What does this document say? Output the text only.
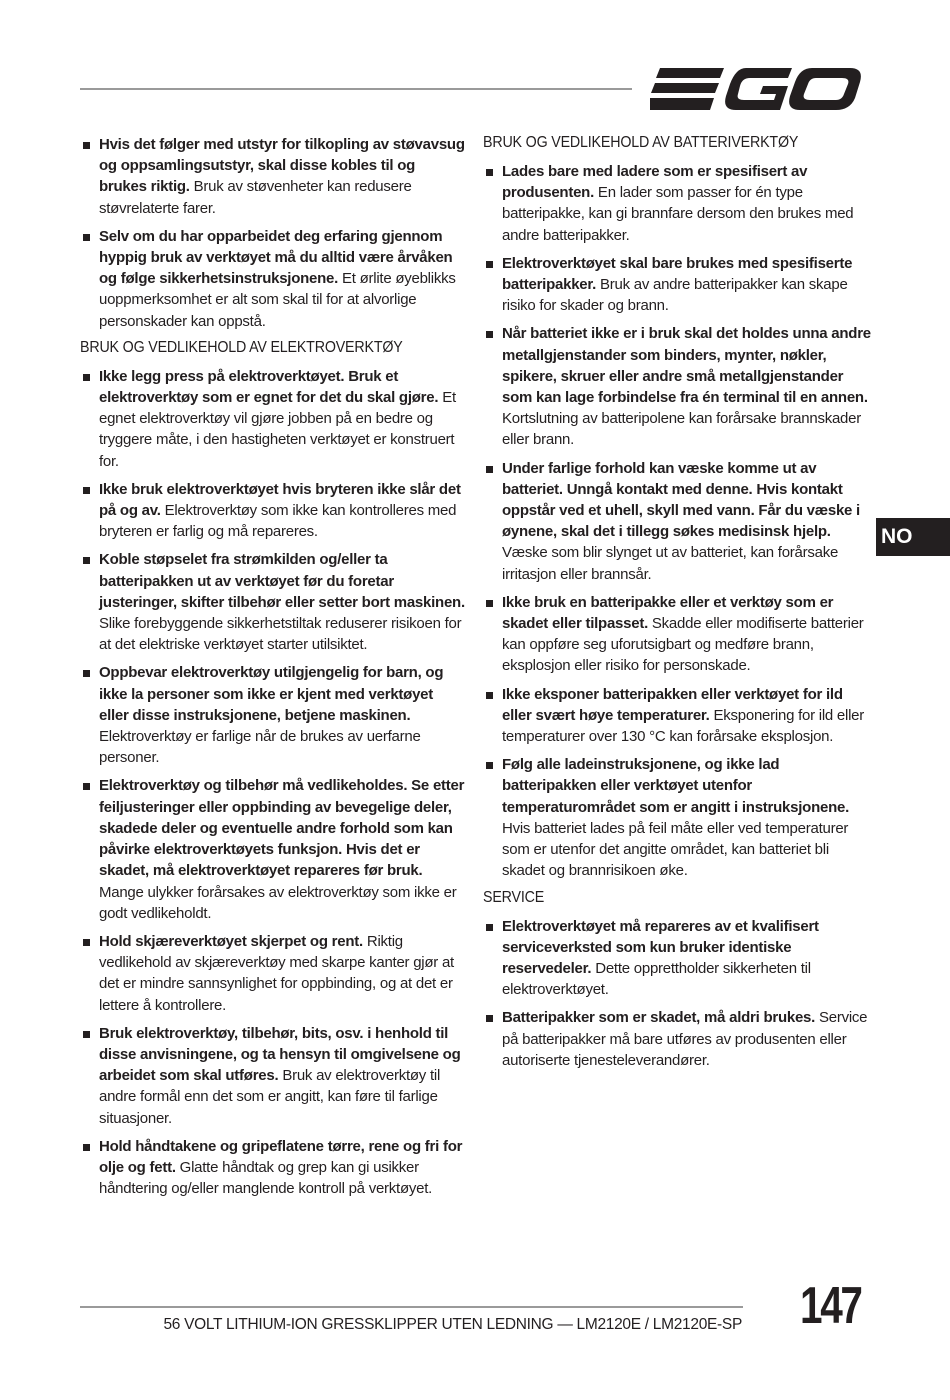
Hvis det følger med utstyr for tilkopling av støvavsug og oppsamlingsutstyr, skal disse kobles til og brukes riktig. Bruk av støvenheter kan redusere støvrelaterte farer.
Selv om du har opparbeidet deg erfaring gjennom hyppig bruk av verktøyet må du alltid være årvåken og følge sikkerhetsinstruksjonene. Et ørlite øyeblikks uoppmerksomhet er alt som skal til for at alvorlige personskader kan oppstå.
BRUK OG VEDLIKEHOLD AV ELEKTROVERKTØY
Ikke legg press på elektroverktøyet. Bruk et elektroverktøy som er egnet for det du skal gjøre. Et egnet elektroverktøy vil gjøre jobben på en bedre og tryggere måte, i den hastigheten verktøyet er konstruert for.
Ikke bruk elektroverktøyet hvis bryteren ikke slår det på og av. Elektroverktøy som ikke kan kontrolleres med bryteren er farlig og må repareres.
Koble støpselet fra strømkilden og/eller ta batteripakken ut av verktøyet før du foretar justeringer, skifter tilbehør eller setter bort maskinen. Slike forebyggende sikkerhetstiltak reduserer risikoen for at det elektriske verktøyet starter utilsiktet.
Oppbevar elektroverktøy utilgjengelig for barn, og ikke la personer som ikke er kjent med verktøyet eller disse instruksjonene, betjene maskinen. Elektroverktøy er farlige når de brukes av uerfarne personer.
Elektroverktøy og tilbehør må vedlikeholdes. Se etter feiljusteringer eller oppbinding av bevegelige deler, skadede deler og eventuelle andre forhold som kan påvirke elektroverktøyets funksjon. Hvis det er skadet, må elektroverktøyet repareres før bruk. Mange ulykker forårsakes av elektroverktøy som ikke er godt vedlikeholdt.
Hold skjæreverktøyet skjerpet og rent. Riktig vedlikehold av skjæreverktøy med skarpe kanter gjør at det er mindre sannsynlighet for oppbinding, og at det er lettere å kontrollere.
Bruk elektroverktøy, tilbehør, bits, osv. i henhold til disse anvisningene, og ta hensyn til omgivelsene og arbeidet som skal utføres. Bruk av elektroverktøy til andre formål enn det som er angitt, kan føre til farlige situasjoner.
Hold håndtakene og gripeflatene tørre, rene og fri for olje og fett. Glatte håndtak og grep kan gi usikker håndtering og/eller manglende kontroll på verktøyet.
BRUK OG VEDLIKEHOLD AV BATTERIVERKTØY
Lades bare med ladere som er spesifisert av produsenten. En lader som passer for én type batteripakke, kan gi brannfare dersom den brukes med andre batteripakker.
Elektroverktøyet skal bare brukes med spesifiserte batteripakker. Bruk av andre batteripakker kan skape risiko for skader og brann.
Når batteriet ikke er i bruk skal det holdes unna andre metallgjenstander som binders, mynter, nøkler, spikere, skruer eller andre små metallgjenstander som kan lage forbindelse fra én terminal til en annen. Kortslutning av batteripolene kan forårsake brannskader eller brann.
Under farlige forhold kan væske komme ut av batteriet. Unngå kontakt med denne. Hvis kontakt oppstår ved et uhell, skyll med vann. Får du væske i øynene, skal det i tillegg søkes medisinsk hjelp. Væske som blir slynget ut av batteriet, kan forårsake irritasjon eller brannsår.
Ikke bruk en batteripakke eller et verktøy som er skadet eller tilpasset. Skadde eller modifiserte batterier kan oppføre seg uforutsigbart og medføre brann, eksplosjon eller risiko for personskade.
Ikke eksponer batteripakken eller verktøyet for ild eller svært høye temperaturer. Eksponering for ild eller temperaturer over 130 °C kan forårsake eksplosjon.
Følg alle ladeinstruksjonene, og ikke lad batteripakken eller verktøyet utenfor temperaturområdet som er angitt i instruksjonene. Hvis batteriet lades på feil måte eller ved temperaturer som er utenfor det angitte området, kan batteriet bli skadet og brannrisikoen øke.
SERVICE
Elektroverktøyet må repareres av et kvalifisert serviceverksted som kun bruker identiske reservedeler. Dette opprettholder sikkerheten til elektroverktøyet.
Batteripakker som er skadet, må aldri brukes. Service på batteripakker må bare utføres av produsenten eller autoriserte tjenesteleverandører.
NO
56 VOLT LITHIUM-ION GRESSKLIPPER UTEN LEDNING — LM2120E / LM2120E-SP 147
